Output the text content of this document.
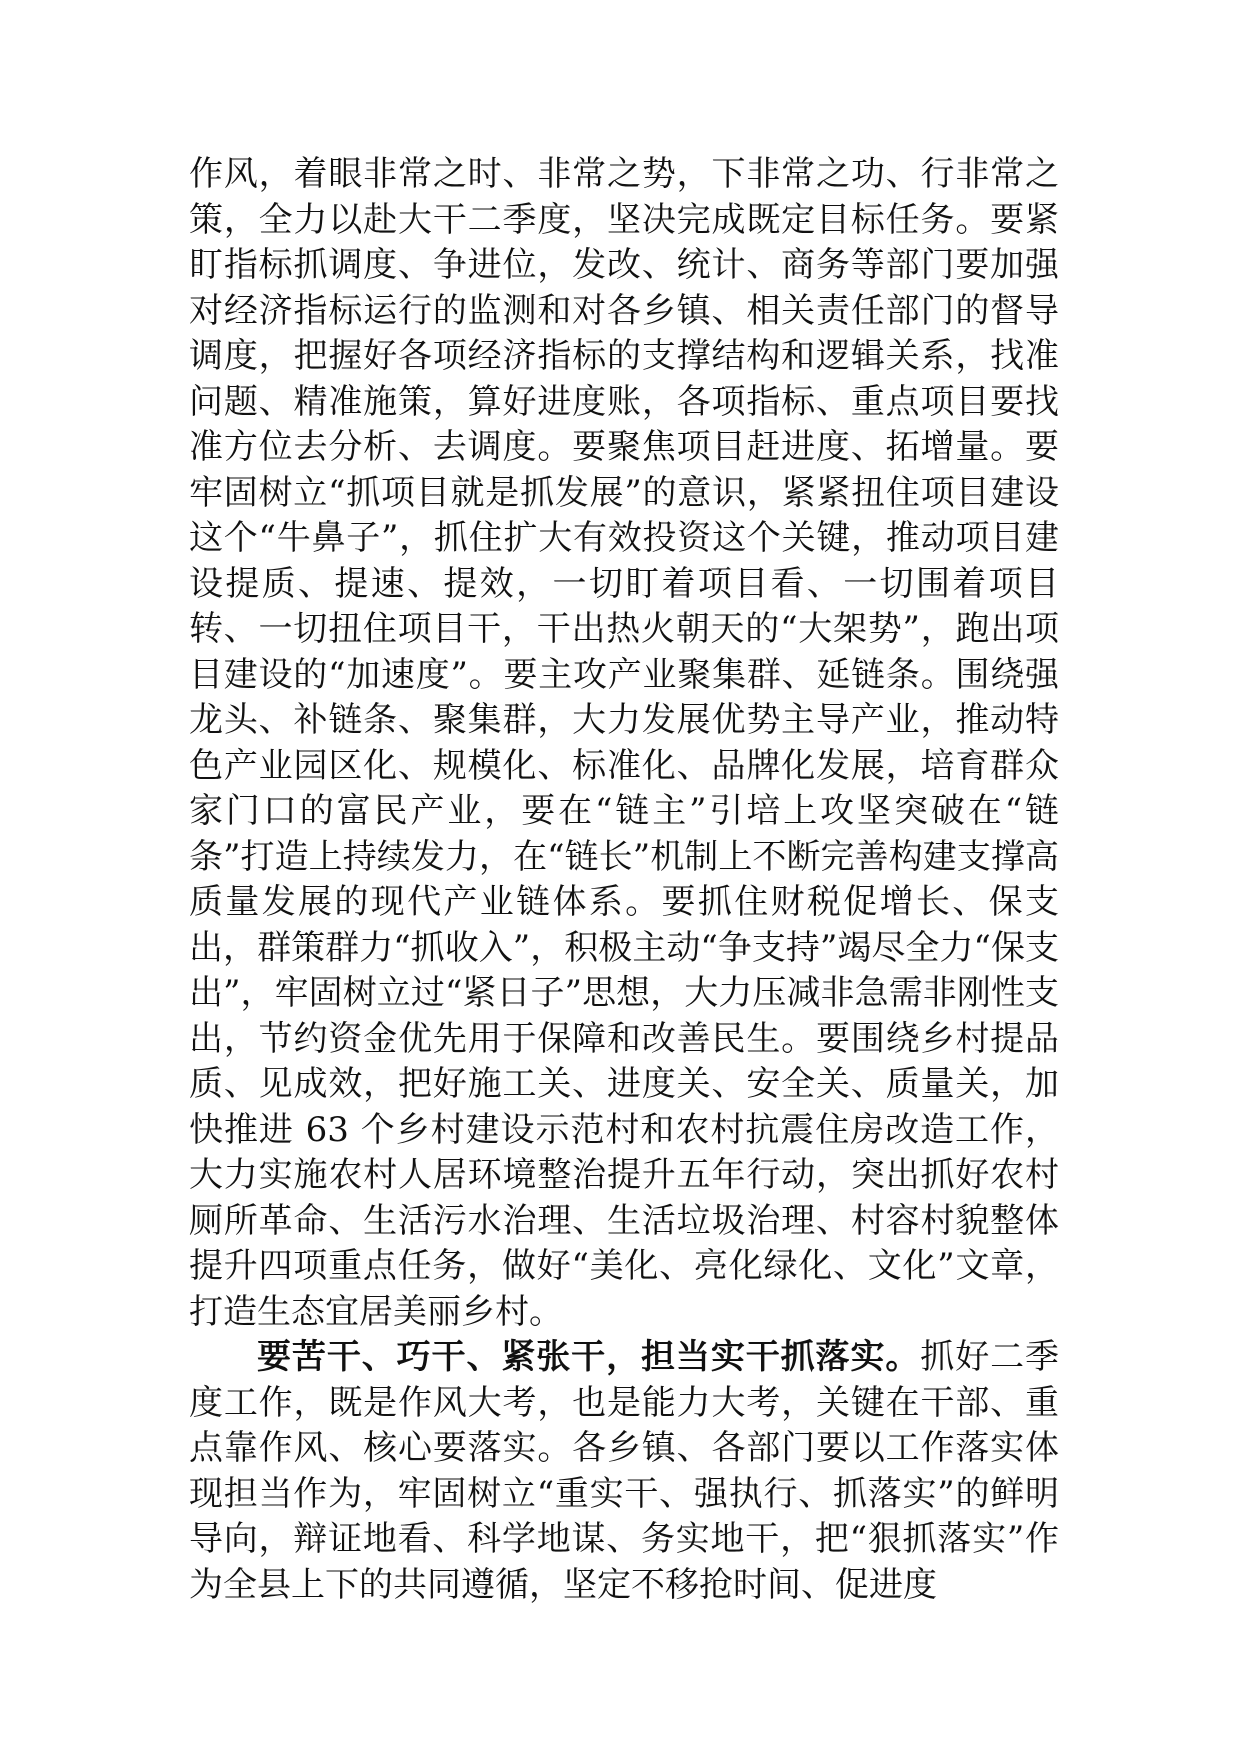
作风，着眼非常之时、非常之势，下非常之功、行非常之策，全力以赴大干二季度，坚决完成既定目标任务。要紧盯指标抓调度、争进位，发改、统计、商务等部门要加强对经济指标运行的监测和对各乡镇、相关责任部门的督导调度，把握好各项经济指标的支撑结构和逻辑关系，找准问题、精准施策，算好进度账，各项指标、重点项目要找准方位去分析、去调度。要聚焦项目赶进度、拓增量。要牢固树立“抓项目就是抓发展”的意识，紧紧扭住项目建设这个“牛鼻子”，抓住扩大有效投资这个关键，推动项目建设提质、提速、提效，一切盯着项目看、一切围着项目转、一切扭住项目干，干出热火朝天的“大架势”，跑出项目建设的“加速度”。要主攻产业聚集群、延链条。围绕强龙头、补链条、聚集群，大力发展优势主导产业，推动特色产业园区化、规模化、标准化、品牌化发展，培育群众家门口的富民产业，要在“链主”引培上攻坚突破在“链条”打造上持续发力，在“链长”机制上不断完善构建支撑高质量发展的现代产业链体系。要抓住财税促增长、保支出，群策群力“抓收入”，积极主动“争支持”竭尽全力“保支出”，牢固树立过“紧日子”思想，大力压减非急需非刚性支出，节约资金优先用于保障和改善民生。要围绕乡村提品质、见成效，把好施工关、进度关、安全关、质量关，加快推进 63 个乡村建设示范村和农村抗震住房改造工作，大力实施农村人居环境整治提升五年行动，突出抓好农村厕所革命、生活污水治理、生活垃圾治理、村容村貌整体提升四项重点任务，做好“美化、亮化绿化、文化”文章，打造生态宜居美丽乡村。

要苦干、巧干、紧张干，担当实干抓落实。抓好二季度工作，既是作风大考，也是能力大考，关键在干部、重点靠作风、核心要落实。各乡镇、各部门要以工作落实体现担当作为，牢固树立“重实干、强执行、抓落实”的鲜明导向，辩证地看、科学地谋、务实地干，把“狠抓落实”作为全县上下的共同遵循，坚定不移抢时间、促进度
